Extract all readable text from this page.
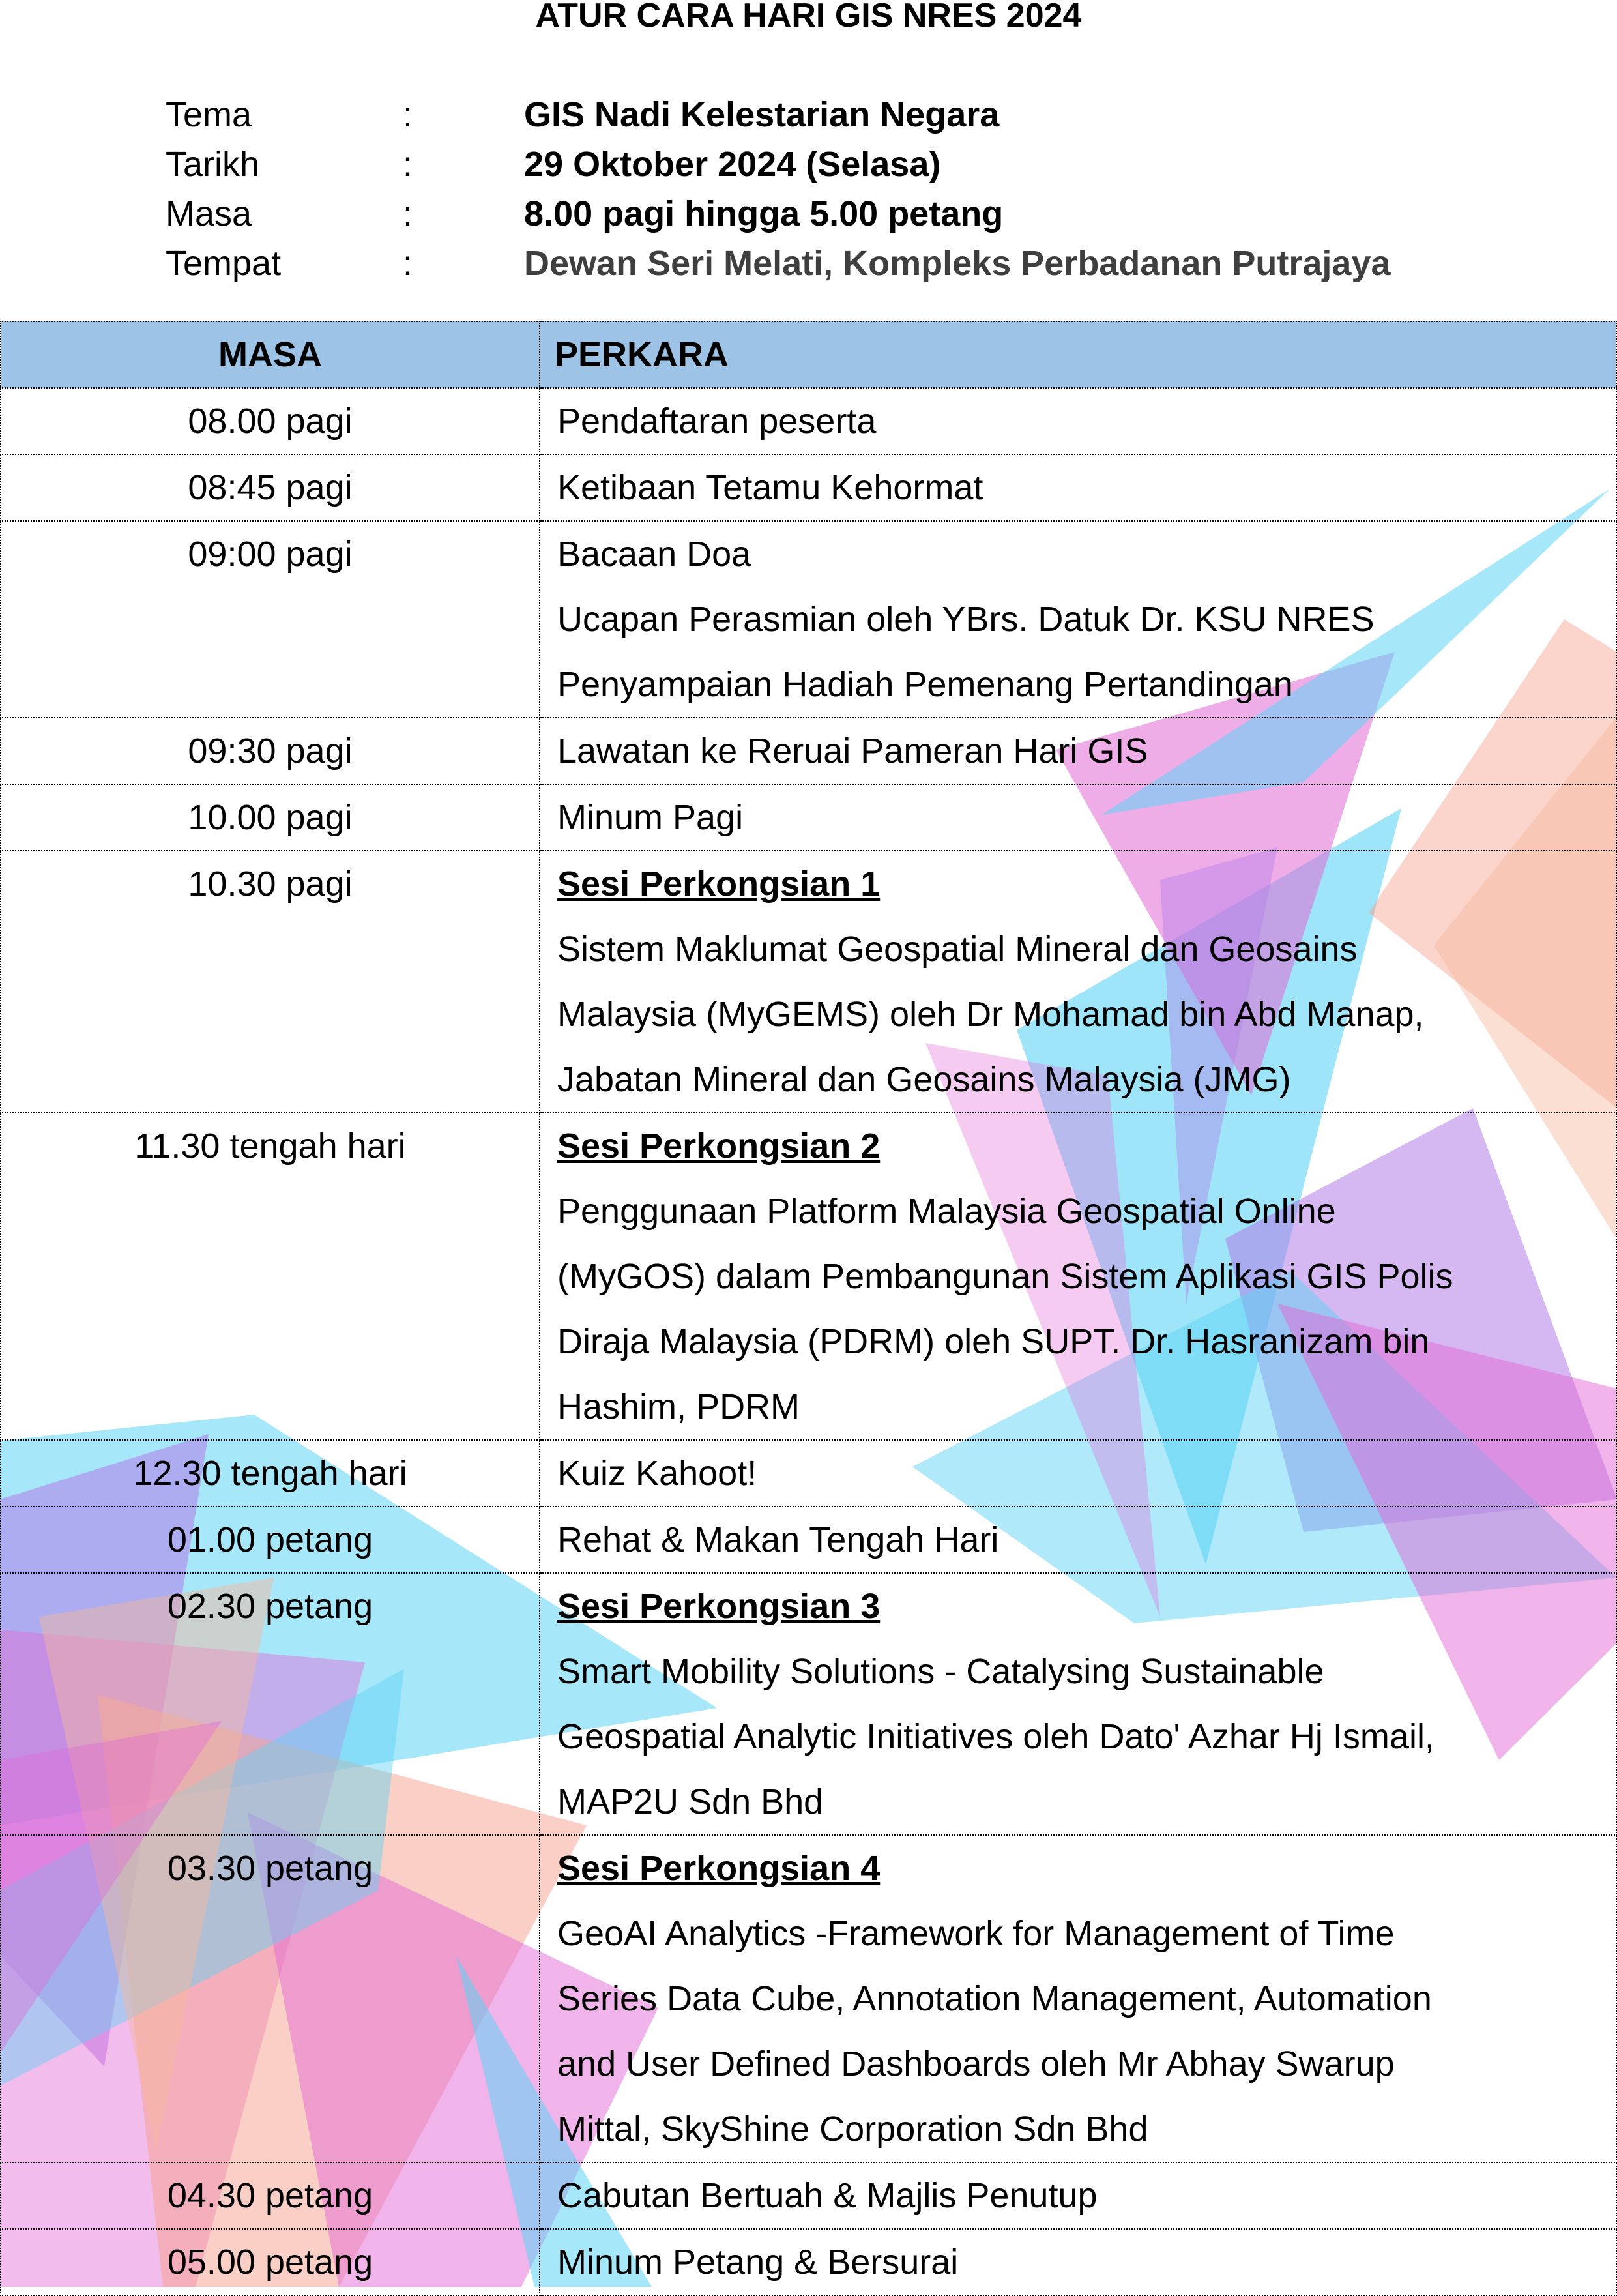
ATUR CARA HARI GIS NRES 2024
Tema	:	GIS Nadi Kelestarian Negara
Tarikh	:	29 Oktober 2024 (Selasa)
Masa	:	8.00 pagi hingga 5.00 petang
Tempat	:	Dewan Seri Melati, Kompleks Perbadanan Putrajaya
MASA	PERKARA

08.00 pagi	Pendaftaran peserta

08:45 pagi	Ketibaan Tetamu Kehormat

09:00 pagi	Bacaan Doa
Ucapan Perasmian oleh YBrs. Datuk Dr. KSU NRES
Penyampaian Hadiah Pemenang Pertandingan

09:30 pagi	Lawatan ke Reruai Pameran Hari GIS

10.00 pagi	Minum Pagi

10.30 pagi	Sesi Perkongsian 1
Sistem Maklumat Geospatial Mineral dan Geosains
Malaysia (MyGEMS) oleh Dr Mohamad bin Abd Manap,
Jabatan Mineral dan Geosains Malaysia (JMG)

11.30 tengah hari	Sesi Perkongsian 2
Penggunaan Platform Malaysia Geospatial Online
(MyGOS) dalam Pembangunan Sistem Aplikasi GIS Polis
Diraja Malaysia (PDRM) oleh SUPT. Dr. Hasranizam bin
Hashim, PDRM

12.30 tengah hari	Kuiz Kahoot!

01.00 petang	Rehat & Makan Tengah Hari

02.30 petang	Sesi Perkongsian 3
Smart Mobility Solutions - Catalysing Sustainable
Geospatial Analytic Initiatives oleh Dato' Azhar Hj Ismail,
MAP2U Sdn Bhd

03.30 petang	Sesi Perkongsian 4
GeoAI Analytics -Framework for Management of Time
Series Data Cube, Annotation Management, Automation
and User Defined Dashboards oleh Mr Abhay Swarup
Mittal, SkyShine Corporation Sdn Bhd

04.30 petang	Cabutan Bertuah & Majlis Penutup

05.00 petang	Minum Petang & Bersurai
